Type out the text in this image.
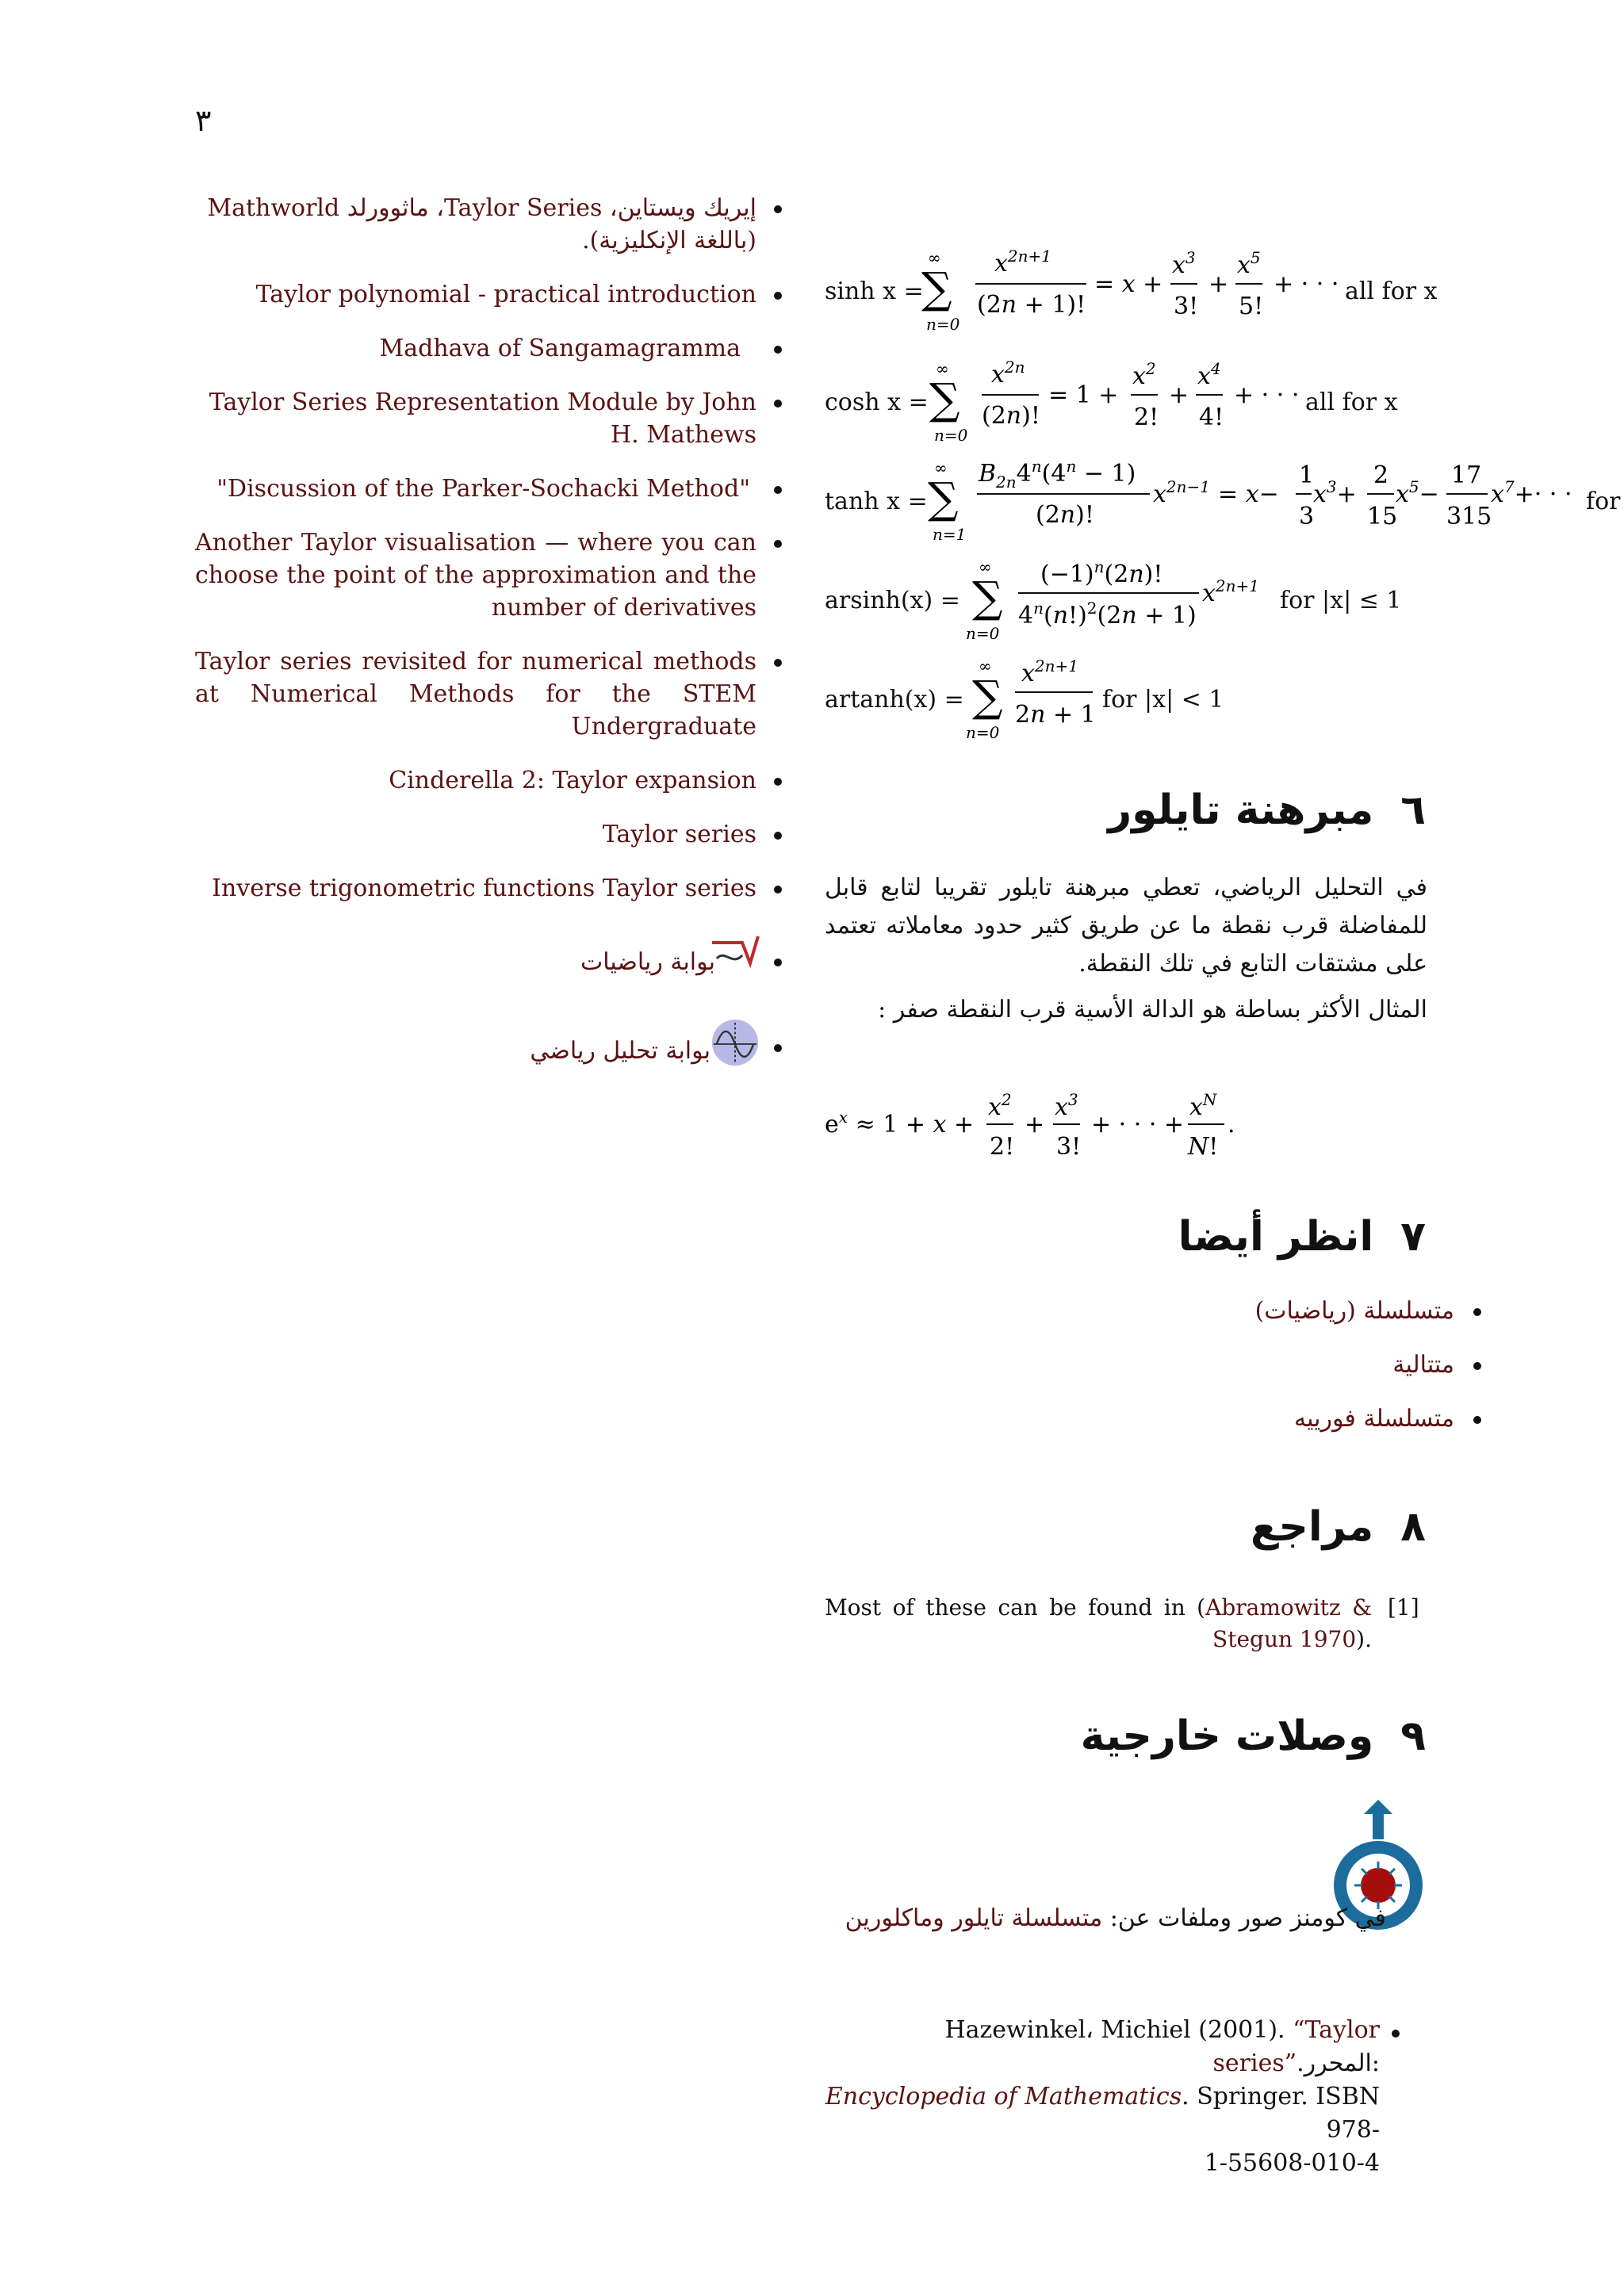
٣
إيريك ويستاين، Taylor Series، ماثوورلد Mathworld (باللغة الإنكليزية).
Taylor polynomial - practical introduction
Madhava of Sangamagramma
Taylor Series Representation Module by John H. Mathews
"Discussion of the Parker-Sochacki Method"
Another Taylor visualisation — where you can choose the point of the approximation and the number of derivatives
Taylor series revisited for numerical methods at Numerical Methods for the STEM Undergraduate
Cinderella 2: Taylor expansion
Taylor series
Inverse trigonometric functions Taylor series
بوابة رياضيات
بوابة تحليل رياضي
sinh x =
∞
∑
n=0
$x^{2n+1}$
(2n + 1)!
= x +
$x^3$
3!
+
$x^5$
5!
+ · · · all for x
cosh x =
∞
∑
n=0
$x^{2n}$
(2n)!
= 1 +
$x^2$
2!
+
$x^4$
4!
+ · · · all for x
tanh x =
∞
∑
n=1
$B_{2n}4^n(4^n - 1)$
(2n)!
$x^{2n-1} = x-$
1
3
$x^3+$
2
15
$x^5-$
17
315
$x^7+\cdot$ · · for
arsinh(x) =
∞
∑
n=0
$(-1)^n(2n)$!
$4^n(n!)^2(2n + 1)$
$x^{2n+1}$
for |x| ≤ 1
artanh(x) =
∞
∑
n=0
$x^{2n+1}$
2n + 1
for |x| < 1
٦مبرهنة تايلور
في التحليل الرياضي، تعطي مبرهنة تايلور تقريبا لتابع قابل للمفاضلة قرب نقطة ما عن طريق كثير حدود معاملاته تعتمد على مشتقات التابع في تلك النقطة.
المثال الأكثر بساطة هو الدالة الأسية قرب النقطة صفر :
$e^x \approx 1 + x$ +
$x^2$
2!
+
$x^3$
3!
+ · · · +
$x^N$
N!
.
٧انظر أيضا
متسلسلة (رياضيات)
متتالية
متسلسلة فورييه
٨مراجع
[1]
Most of these can be found in (Abramowitz & Stegun 1970).
٩وصلات خارجية
في كومنز صور وملفات عن: متسلسلة تايلور وماكلورين
Hazewinkel، Michiel (2001). “Taylor series”.المحرر:
Encyclopedia of Mathematics. Springer. ISBN 978-
1-55608-010-4
